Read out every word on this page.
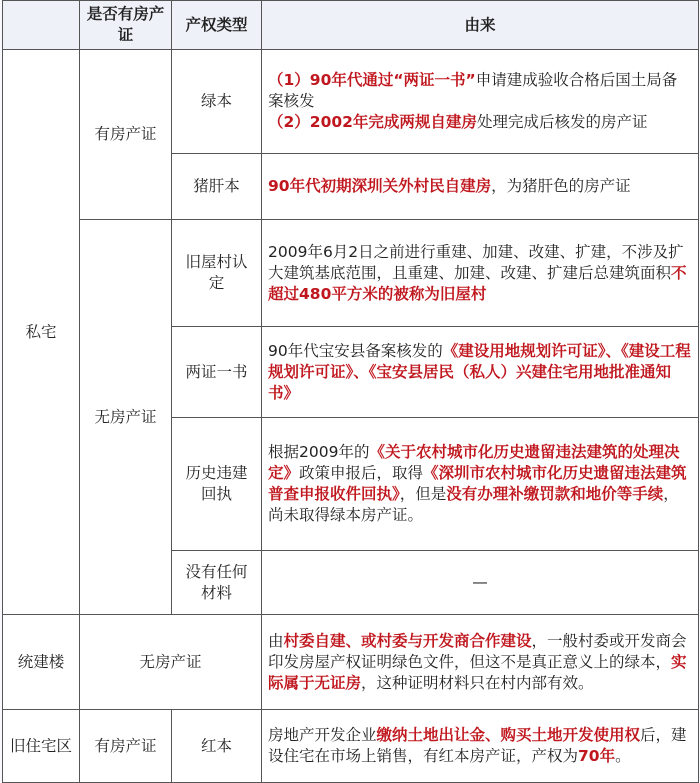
	是否有房产证	产权类型	由来
私宅	有房产证	绿本	（1）90年代通过“两证一书”申请建成验收合格后国土局备案核发
（2）2002年完成两规自建房处理完成后核发的房产证
		猪肝本	90年代初期深圳关外村民自建房，为猪肝色的房产证
	无房产证	旧屋村认定	2009年6月2日之前进行重建、加建、改建、扩建，不涉及扩大建筑基底范围，且重建、加建、改建、扩建后总建筑面积不超过480平方米的被称为旧屋村
		两证一书	90年代宝安县备案核发的《建设用地规划许可证》、《建设工程规划许可证》、《宝安县居民（私人）兴建住宅用地批准通知书》
		历史违建回执	根据2009年的《关于农村城市化历史遗留违法建筑的处理决定》政策申报后，取得《深圳市农村城市化历史遗留违法建筑普查申报收件回执》，但是没有办理补缴罚款和地价等手续，尚未取得绿本房产证。
		没有任何材料	—
统建楼	无房产证		由村委自建、或村委与开发商合作建设，一般村委或开发商会印发房屋产权证明绿色文件，但这不是真正意义上的绿本，实际属于无证房，这种证明材料只在村内部有效。
旧住宅区	有房产证	红本	房地产开发企业缴纳土地出让金、购买土地开发使用权后，建设住宅在市场上销售，有红本房产证，产权为70年。
